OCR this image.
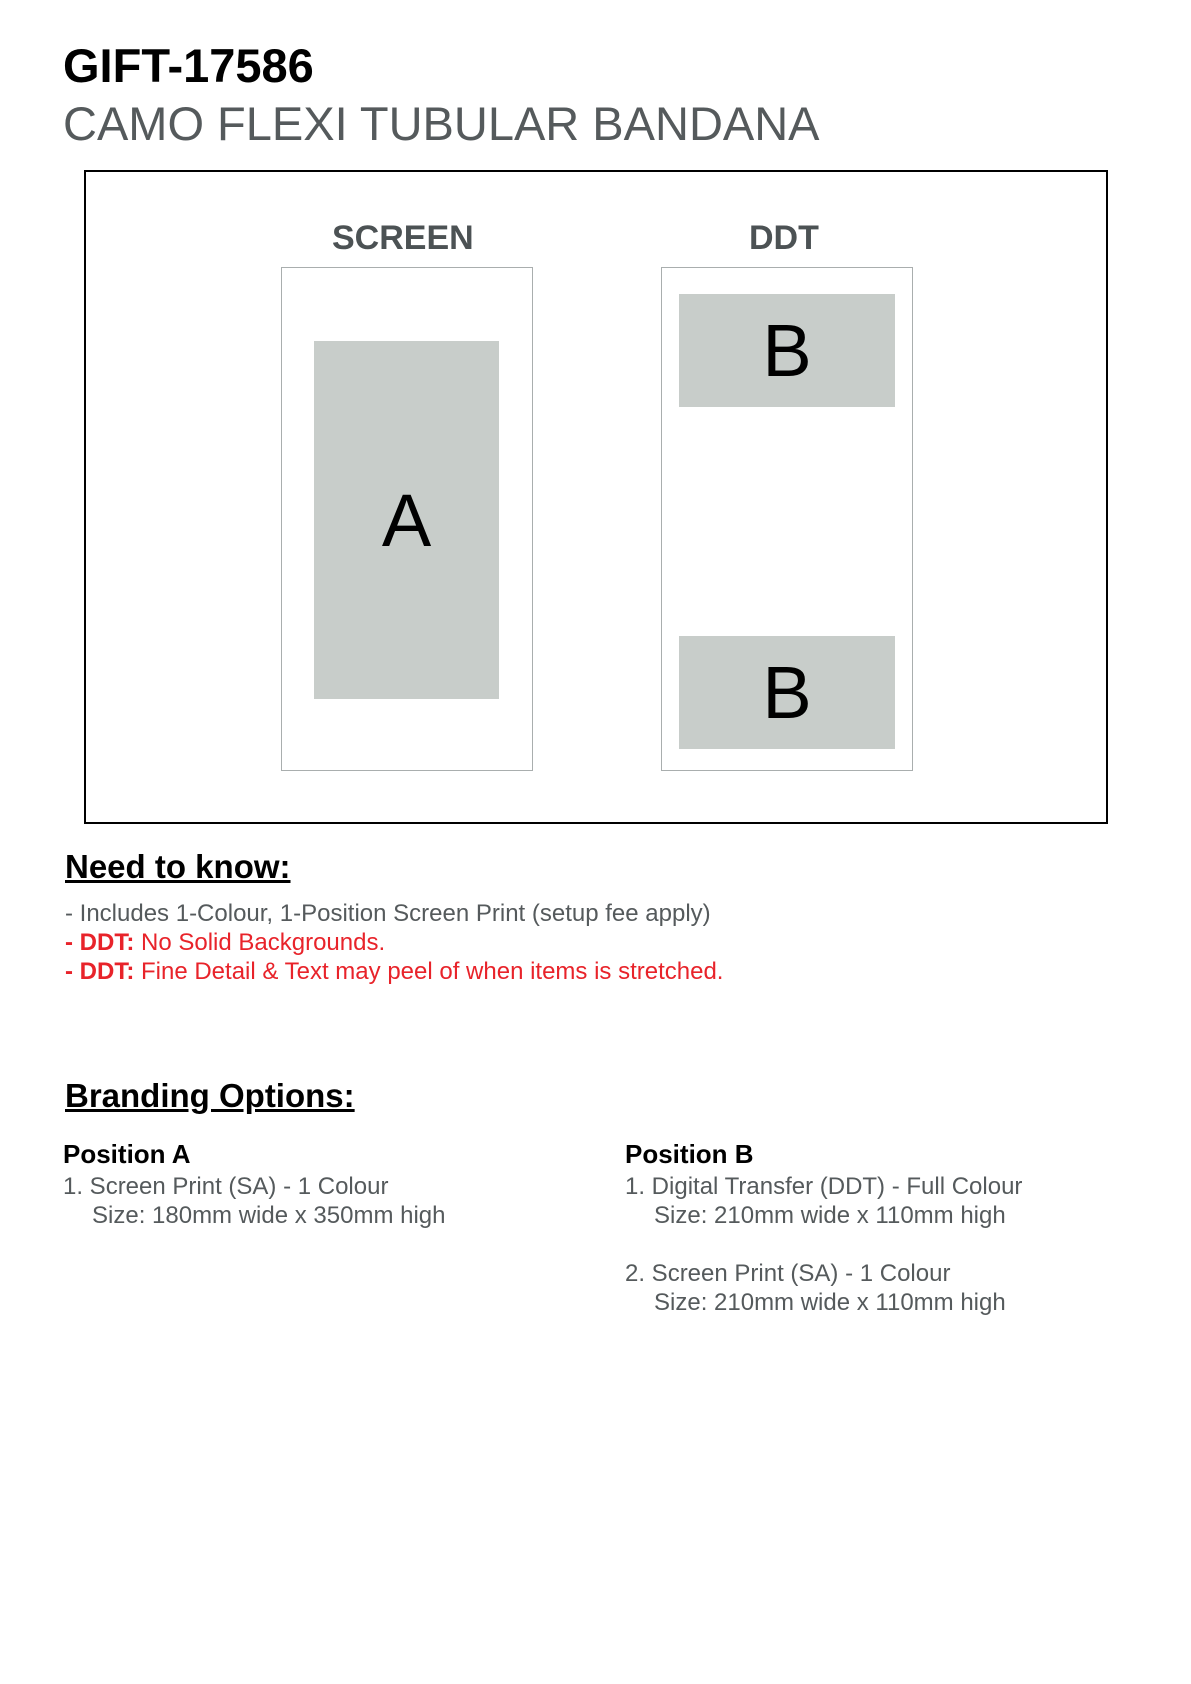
GIFT-17586
CAMO FLEXI TUBULAR BANDANA
SCREEN	DDT
A
B
B
Need to know:
- Includes 1-Colour, 1-Position Screen Print (setup fee apply)
- DDT: No Solid Backgrounds.
- DDT: Fine Detail & Text may peel of when items is stretched.
Branding Options:
Position A
1. Screen Print (SA) - 1 Colour
Size: 180mm wide x 350mm high
Position B
1. Digital Transfer (DDT) - Full Colour
Size: 210mm wide x 110mm high
2. Screen Print (SA) - 1 Colour
Size: 210mm wide x 110mm high
